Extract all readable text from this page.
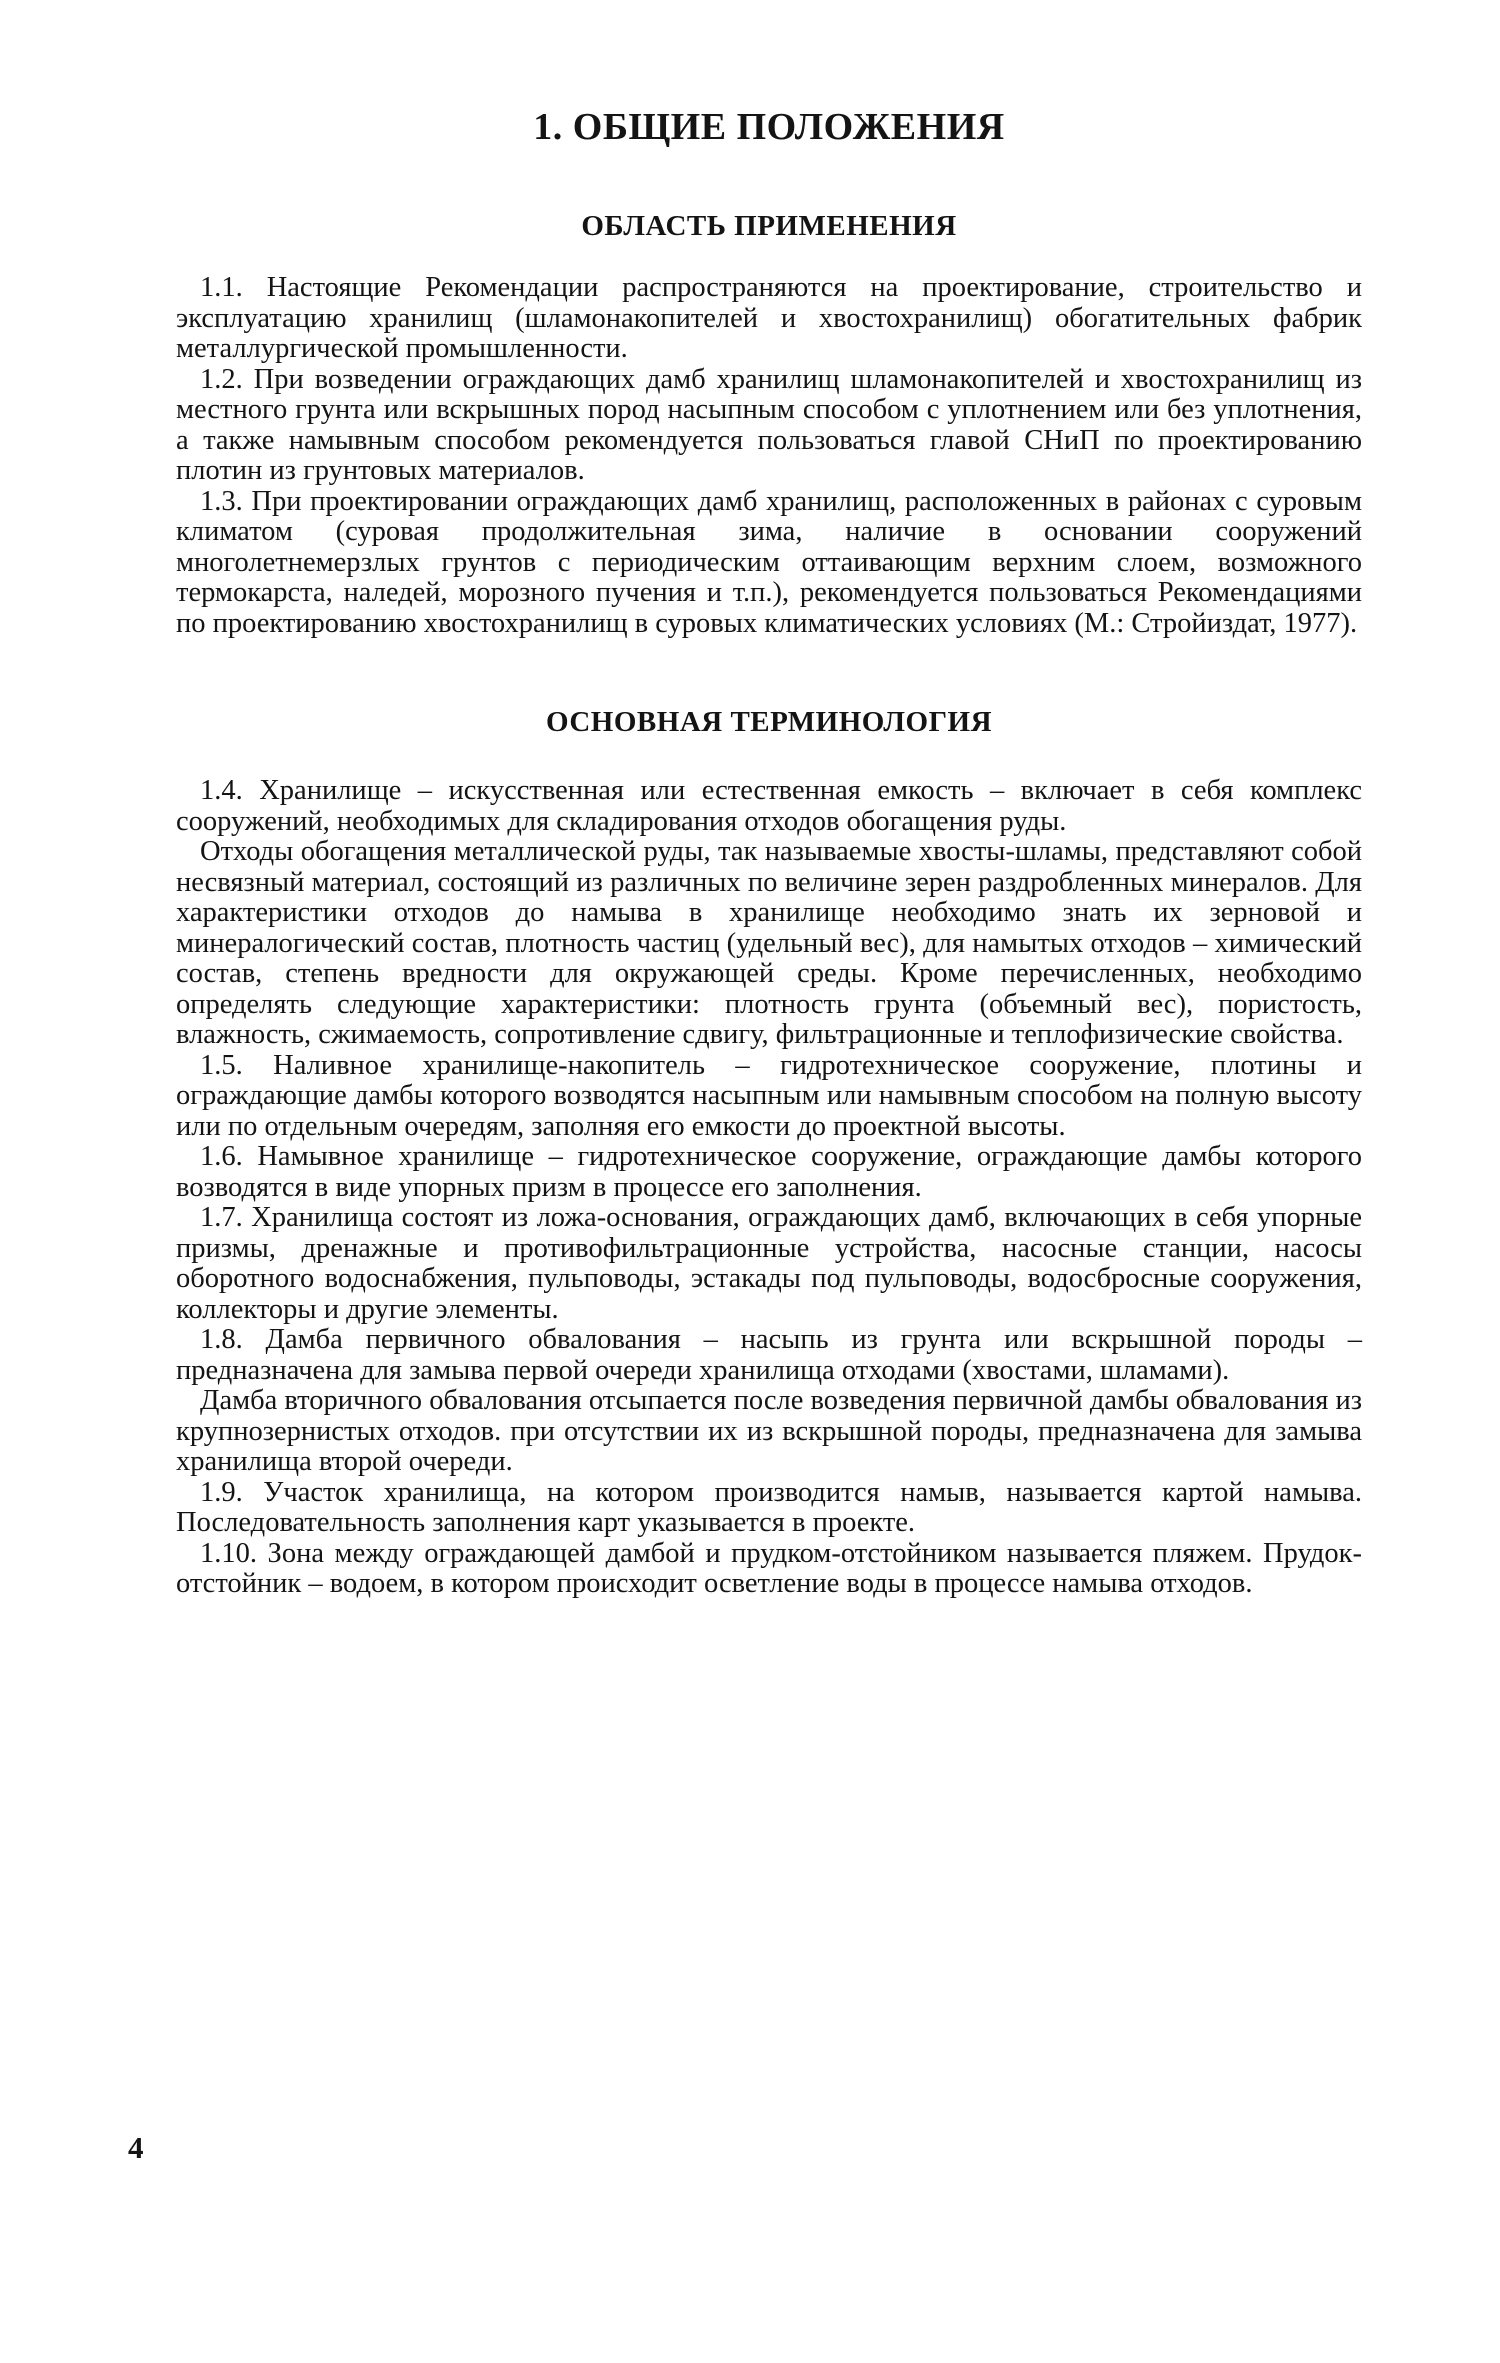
1. ОБЩИЕ ПОЛОЖЕНИЯ
ОБЛАСТЬ ПРИМЕНЕНИЯ

1.1. Настоящие Рекомендации распространяются на проектирование, строительство и эксплуатацию хранилищ (шламонакопителей и хвостохранилищ) обогатительных фабрик металлургической промышленности.

1.2. При возведении ограждающих дамб хранилищ шламонакопителей и хвостохранилищ из местного грунта или вскрышных пород насыпным способом с уплотнением или без уплотнения, а также намывным способом рекомендуется пользоваться главой СНиП по проектированию плотин из грунтовых материалов.

1.3. При проектировании ограждающих дамб хранилищ, расположенных в районах с суровым климатом (суровая продолжительная зима, наличие в основании сооружений многолетнемерзлых грунтов с периодическим оттаивающим верхним слоем, возможного термокарста, наледей, морозного пучения и т.п.), рекомендуется пользоваться Рекомендациями по проектированию хвостохранилищ в суровых климатических условиях (М.: Стройиздат, 1977).

ОСНОВНАЯ ТЕРМИНОЛОГИЯ

1.4. Хранилище – искусственная или естественная емкость – включает в себя комплекс сооружений, необходимых для складирования отходов обогащения руды.

Отходы обогащения металлической руды, так называемые хвосты-шламы, представляют собой несвязный материал, состоящий из различных по величине зерен раздробленных минералов. Для характеристики отходов до намыва в хранилище необходимо знать их зерновой и минералогический состав, плотность частиц (удельный вес), для намытых отходов – химический состав, степень вредности для окружающей среды. Кроме перечисленных, необходимо определять следующие характеристики: плотность грунта (объемный вес), пористость, влажность, сжимаемость, сопротивление сдвигу, фильтрационные и теплофизические свойства.

1.5. Наливное хранилище-накопитель – гидротехническое сооружение, плотины и ограждающие дамбы которого возводятся насыпным или намывным способом на полную высоту или по отдельным очередям, заполняя его емкости до проектной высоты.

1.6. Намывное хранилище – гидротехническое сооружение, ограждающие дамбы которого возводятся в виде упорных призм в процессе его заполнения.

1.7. Хранилища состоят из ложа-основания, ограждающих дамб, включающих в себя упорные призмы, дренажные и противофильтрационные устройства, насосные станции, насосы оборотного водоснабжения, пульповоды, эстакады под пульповоды, водосбросные сооружения, коллекторы и другие элементы.

1.8. Дамба первичного обвалования – насыпь из грунта или вскрышной породы – предназначена для замыва первой очереди хранилища отходами (хвостами, шламами).

Дамба вторичного обвалования отсыпается после возведения первичной дамбы обвалования из крупнозернистых отходов. при отсутствии их из вскрышной породы, предназначена для замыва хранилища второй очереди.

1.9. Участок хранилища, на котором производится намыв, называется картой намыва. Последовательность заполнения карт указывается в проекте.

1.10. Зона между ограждающей дамбой и прудком-отстойником называется пляжем. Прудок-отстойник – водоем, в котором происходит осветление воды в процессе намыва отходов.

4
